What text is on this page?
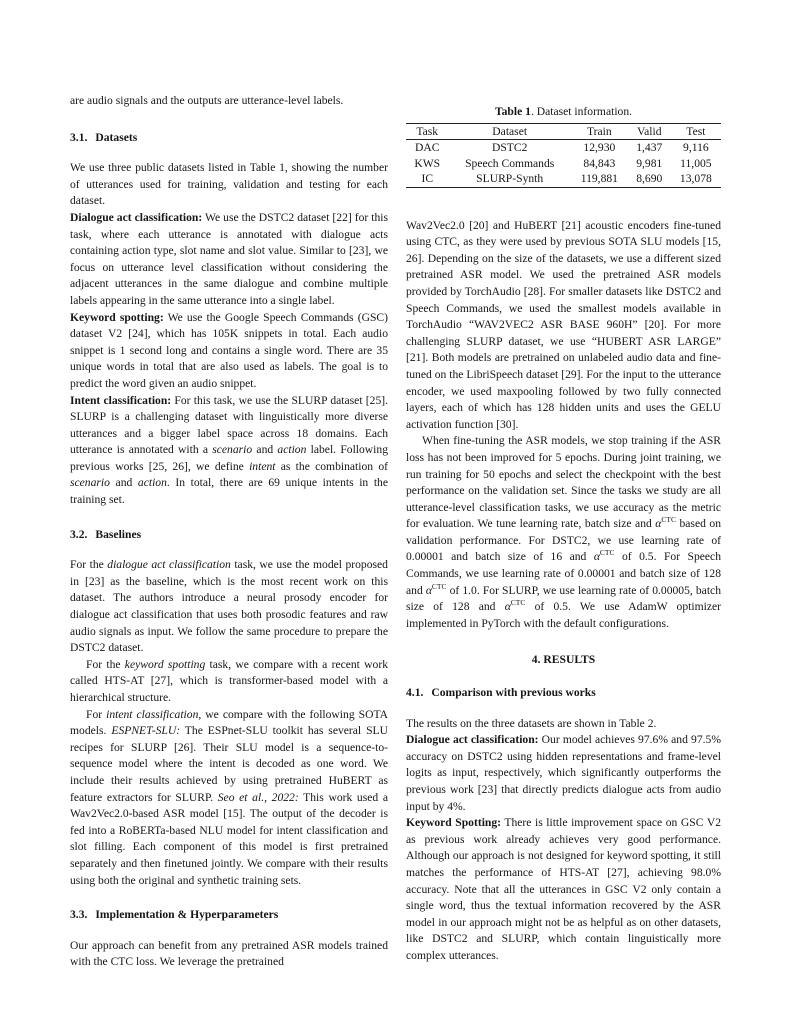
are audio signals and the outputs are utterance-level labels.

3.1. Datasets

We use three public datasets listed in Table 1, showing the number of utterances used for training, validation and testing for each dataset.

Dialogue act classification: We use the DSTC2 dataset [22] for this task, where each utterance is annotated with dialogue acts containing action type, slot name and slot value. Similar to [23], we focus on utterance level classification without considering the adjacent utterances in the same dialogue and combine multiple labels appearing in the same utterance into a single label.

Keyword spotting: We use the Google Speech Commands (GSC) dataset V2 [24], which has 105K snippets in total. Each audio snippet is 1 second long and contains a single word. There are 35 unique words in total that are also used as labels. The goal is to predict the word given an audio snippet.

Intent classification: For this task, we use the SLURP dataset [25]. SLURP is a challenging dataset with linguistically more diverse utterances and a bigger label space across 18 domains. Each utterance is annotated with a scenario and action label. Following previous works [25, 26], we define intent as the combination of scenario and action. In total, there are 69 unique intents in the training set.

3.2. Baselines

For the dialogue act classification task, we use the model proposed in [23] as the baseline, which is the most recent work on this dataset. The authors introduce a neural prosody encoder for dialogue act classification that uses both prosodic features and raw audio signals as input. We follow the same procedure to prepare the DSTC2 dataset.

For the keyword spotting task, we compare with a recent work called HTS-AT [27], which is transformer-based model with a hierarchical structure.

For intent classification, we compare with the following SOTA models. ESPNET-SLU: The ESPnet-SLU toolkit has several SLU recipes for SLURP [26]. Their SLU model is a sequence-to-sequence model where the intent is decoded as one word. We include their results achieved by using pretrained HuBERT as feature extractors for SLURP. Seo et al., 2022: This work used a Wav2Vec2.0-based ASR model [15]. The output of the decoder is fed into a RoBERTa-based NLU model for intent classification and slot filling. Each component of this model is first pretrained separately and then finetuned jointly. We compare with their results using both the original and synthetic training sets.

3.3. Implementation & Hyperparameters

Our approach can benefit from any pretrained ASR models trained with the CTC loss. We leverage the pretrained

Table 1. Dataset information.
Task	Dataset	Train	Valid	Test
DAC	DSTC2	12,930	1,437	9,116
KWS	Speech Commands	84,843	9,981	11,005
IC	SLURP-Synth	119,881	8,690	13,078

Wav2Vec2.0 [20] and HuBERT [21] acoustic encoders fine-tuned using CTC, as they were used by previous SOTA SLU models [15, 26]. Depending on the size of the datasets, we use a different sized pretrained ASR model. We used the pretrained ASR models provided by TorchAudio [28]. For smaller datasets like DSTC2 and Speech Commands, we used the smallest models available in TorchAudio “WAV2VEC2 ASR BASE 960H” [20]. For more challenging SLURP dataset, we use “HUBERT ASR LARGE” [21]. Both models are pretrained on unlabeled audio data and fine-tuned on the LibriSpeech dataset [29]. For the input to the utterance encoder, we used maxpooling followed by two fully connected layers, each of which has 128 hidden units and uses the GELU activation function [30].

When fine-tuning the ASR models, we stop training if the ASR loss has not been improved for 5 epochs. During joint training, we run training for 50 epochs and select the checkpoint with the best performance on the validation set. Since the tasks we study are all utterance-level classification tasks, we use accuracy as the metric for evaluation. We tune learning rate, batch size and $\alpha^{CTC}$ based on validation performance. For DSTC2, we use learning rate of 0.00001 and batch size of 16 and $\alpha^{CTC}$ of 0.5. For Speech Commands, we use learning rate of 0.00001 and batch size of 128 and $\alpha^{CTC}$ of 1.0. For SLURP, we use learning rate of 0.00005, batch size of 128 and $\alpha^{CTC}$ of 0.5. We use AdamW optimizer implemented in PyTorch with the default configurations.

4. RESULTS
4.1. Comparison with previous works

The results on the three datasets are shown in Table 2.

Dialogue act classification: Our model achieves 97.6% and 97.5% accuracy on DSTC2 using hidden representations and frame-level logits as input, respectively, which significantly outperforms the previous work [23] that directly predicts dialogue acts from audio input by 4%.

Keyword Spotting: There is little improvement space on GSC V2 as previous work already achieves very good performance. Although our approach is not designed for keyword spotting, it still matches the performance of HTS-AT [27], achieving 98.0% accuracy. Note that all the utterances in GSC V2 only contain a single word, thus the textual information recovered by the ASR model in our approach might not be as helpful as on other datasets, like DSTC2 and SLURP, which contain linguistically more complex utterances.
